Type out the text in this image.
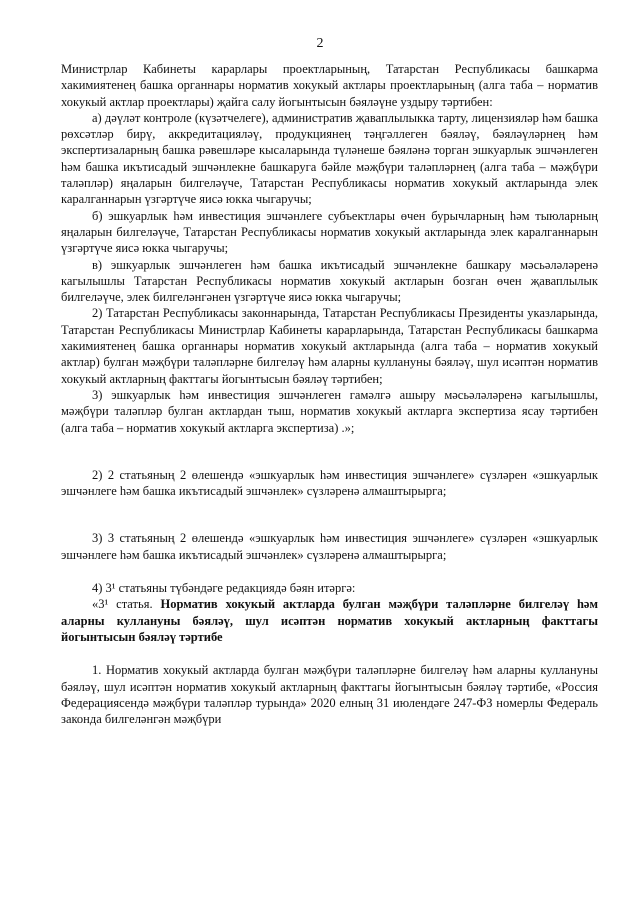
2

Министрлар Кабинеты карарлары проектларының, Татарстан Республикасы башкарма хакимиятенең башка органнары норматив хокукый актлары проектларының (алга таба – норматив хокукый актлар проектлары) җайга салу йогынтысын бәяләүне уздыру тәртибен:

а) дәүләт контроле (күзәтчелеге), административ җаваплылыкка тарту, лицензияләр һәм башка рөхсәтләр бирү, аккредитацияләү, продукциянең тәңгәллеген бәяләү, бәяләүләрнең һәм экспертизаларның башка рәвешләре кысаларында түләнеше бәяләнә торган эшкуарлык эшчәнлеген һәм башка икътисадый эшчәнлекне башкаруга бәйле мәҗбүри таләпләрнең (алга таба – мәҗбүри таләпләр) яңаларын билгеләүче, Татарстан Республикасы норматив хокукый актларында элек каралганнарын үзгәртүче яисә юкка чыгаручы;

б) эшкуарлык һәм инвестиция эшчәнлеге субъектлары өчен бурычларның һәм тыюларның яңаларын билгеләүче, Татарстан Республикасы норматив хокукый актларында элек каралганнарын үзгәртүче яисә юкка чыгаручы;

в) эшкуарлык эшчәнлеген һәм башка икътисадый эшчәнлекне башкару мәсьәләләренә кагылышлы Татарстан Республикасы норматив хокукый актларын бозган өчен җаваплылык билгеләүче, элек билгеләнгәнен үзгәртүче яисә юкка чыгаручы;

2) Татарстан Республикасы законнарында, Татарстан Республикасы Президенты указларында, Татарстан Республикасы Министрлар Кабинеты карарларында, Татарстан Республикасы башкарма хакимиятенең башка органнары норматив хокукый актларында (алга таба – норматив хокукый актлар) булган мәҗбүри таләпләрне билгеләү һәм аларны куллануны бәяләү, шул исәптән норматив хокукый актларның факттагы йогынтысын бәяләү тәртибен;

3) эшкуарлык һәм инвестиция эшчәнлеген гамәлгә ашыру мәсьәләләренә кагылышлы, мәҗбүри таләпләр булган актлардан тыш, норматив хокукый актларга экспертиза ясау тәртибен (алга таба – норматив хокукый актларга экспертиза) .»;

2) 2 статьяның 2 өлешендә «эшкуарлык һәм инвестиция эшчәнлеге» сүзләрен «эшкуарлык эшчәнлеге һәм башка икътисадый эшчәнлек» сүзләренә алмаштырырга;

3) 3 статьяның 2 өлешендә «эшкуарлык һәм инвестиция эшчәнлеге» сүзләрен «эшкуарлык эшчәнлеге һәм башка икътисадый эшчәнлек» сүзләренә алмаштырырга;

4) 3¹ статьяны түбәндәге редакциядә бәян итәргә:

«3¹ статья. Норматив хокукый актларда булган мәҗбүри таләпләрне билгеләү һәм аларны куллануны бәяләү, шул исәптән норматив хокукый актларның факттагы йогынтысын бәяләү тәртибе

1. Норматив хокукый актларда булган мәҗбүри таләпләрне билгеләү һәм аларны куллануны бәяләү, шул исәптән норматив хокукый актларның факттагы йогынтысын бәяләү тәртибе, «Россия Федерациясендә мәҗбүри таләпләр турында» 2020 елның 31 июлендәге 247-ФЗ номерлы Федераль законда билгеләнгән мәҗбүри
